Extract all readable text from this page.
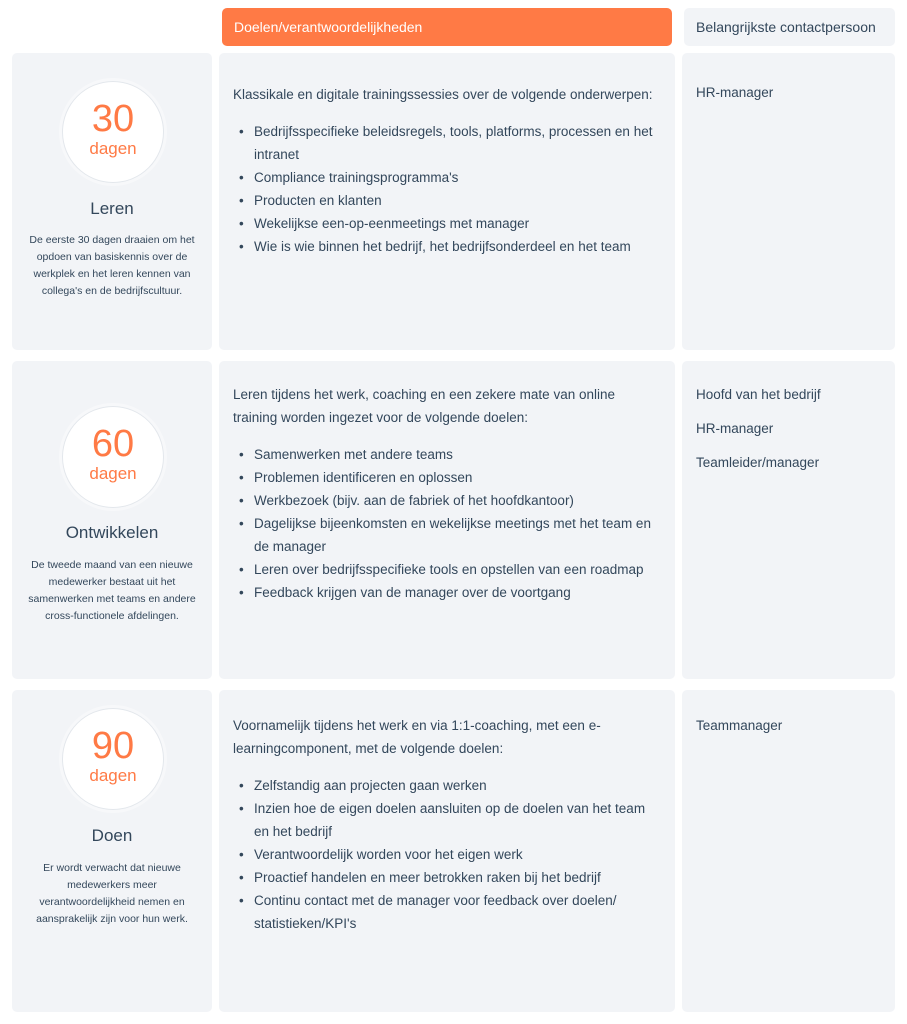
Doelen/verantwoordelijkheden	Belangrijkste contactpersoon
30
dagen
Leren
De eerste 30 dagen draaien om het opdoen van basiskennis over de werkplek en het leren kennen van collega's en de bedrijfscultuur.

Klassikale en digitale trainingssessies over de volgende onderwerpen:

• Bedrijfsspecifieke beleidsregels, tools, platforms, processen en het intranet
• Compliance trainingsprogramma's
• Producten en klanten
• Wekelijkse een-op-eenmeetings met manager
• Wie is wie binnen het bedrijf, het bedrijfsonderdeel en het team

HR-manager

60
dagen
Ontwikkelen
De tweede maand van een nieuwe medewerker bestaat uit het samenwerken met teams en andere cross-functionele afdelingen.

Leren tijdens het werk, coaching en een zekere mate van online training worden ingezet voor de volgende doelen:

• Samenwerken met andere teams
• Problemen identificeren en oplossen
• Werkbezoek (bijv. aan de fabriek of het hoofdkantoor)
• Dagelijkse bijeenkomsten en wekelijkse meetings met het team en de manager
• Leren over bedrijfsspecifieke tools en opstellen van een roadmap
• Feedback krijgen van de manager over de voortgang

Hoofd van het bedrijf

HR-manager

Teamleider/manager

90
dagen
Doen
Er wordt verwacht dat nieuwe medewerkers meer verantwoordelijkheid nemen en aansprakelijk zijn voor hun werk.

Voornamelijk tijdens het werk en via 1:1-coaching, met een e-learningcomponent, met de volgende doelen:

• Zelfstandig aan projecten gaan werken
• Inzien hoe de eigen doelen aansluiten op de doelen van het team en het bedrijf
• Verantwoordelijk worden voor het eigen werk
• Proactief handelen en meer betrokken raken bij het bedrijf
• Continu contact met de manager voor feedback over doelen/ statistieken/KPI's

Teammanager
